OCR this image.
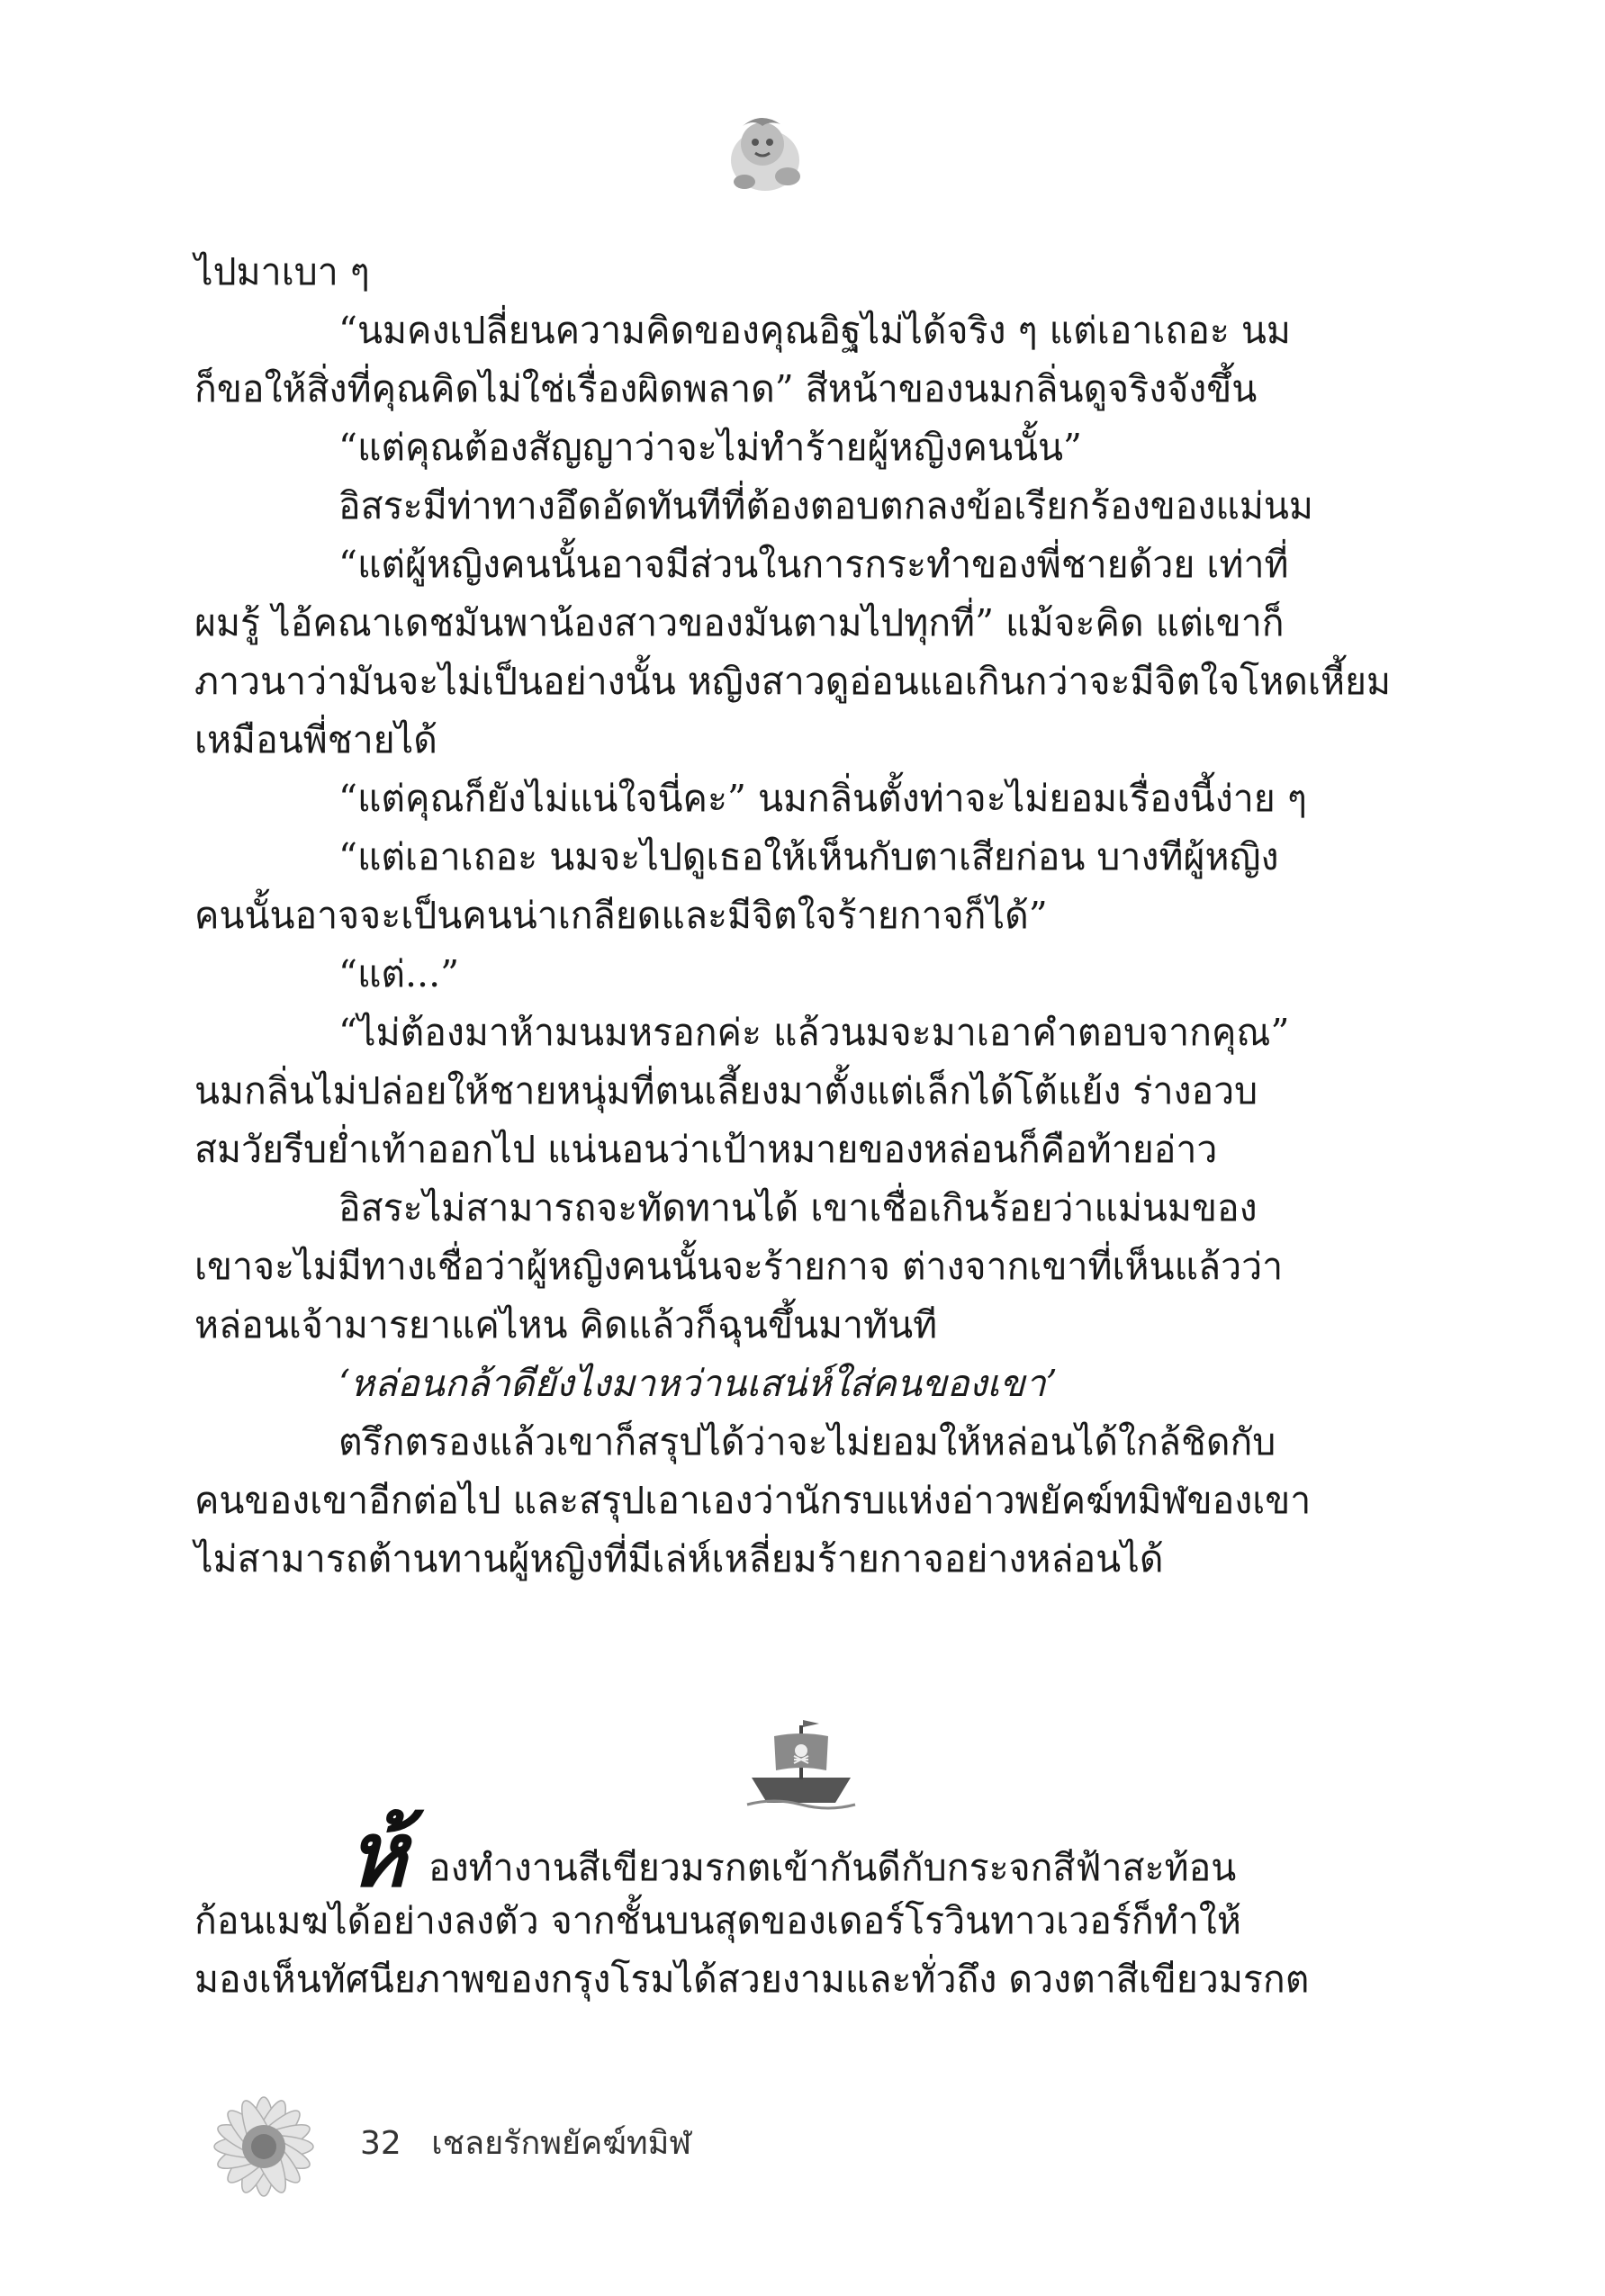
ไปมาเบา ๆ

“นมคงเปลี่ยนความคิดของคุณอิฐไม่ได้จริง ๆ แต่เอาเถอะ นม

ก็ขอให้สิ่งที่คุณคิดไม่ใช่เรื่องผิดพลาด” สีหน้าของนมกลิ่นดูจริงจังขึ้น

“แต่คุณต้องสัญญาว่าจะไม่ทำร้ายผู้หญิงคนนั้น”

อิสระมีท่าทางอึดอัดทันทีที่ต้องตอบตกลงข้อเรียกร้องของแม่นม

“แต่ผู้หญิงคนนั้นอาจมีส่วนในการกระทำของพี่ชายด้วย เท่าที่

ผมรู้ ไอ้คณาเดชมันพาน้องสาวของมันตามไปทุกที่” แม้จะคิด แต่เขาก็

ภาวนาว่ามันจะไม่เป็นอย่างนั้น หญิงสาวดูอ่อนแอเกินกว่าจะมีจิตใจโหดเหี้ยม

เหมือนพี่ชายได้

“แต่คุณก็ยังไม่แน่ใจนี่คะ” นมกลิ่นตั้งท่าจะไม่ยอมเรื่องนี้ง่าย ๆ

“แต่เอาเถอะ นมจะไปดูเธอให้เห็นกับตาเสียก่อน บางทีผู้หญิง

คนนั้นอาจจะเป็นคนน่าเกลียดและมีจิตใจร้ายกาจก็ได้”

“แต่...”

“ไม่ต้องมาห้ามนมหรอกค่ะ แล้วนมจะมาเอาคำตอบจากคุณ”

นมกลิ่นไม่ปล่อยให้ชายหนุ่มที่ตนเลี้ยงมาตั้งแต่เล็กได้โต้แย้ง ร่างอวบ

สมวัยรีบย่ำเท้าออกไป แน่นอนว่าเป้าหมายของหล่อนก็คือท้ายอ่าว

อิสระไม่สามารถจะทัดทานได้ เขาเชื่อเกินร้อยว่าแม่นมของ

เขาจะไม่มีทางเชื่อว่าผู้หญิงคนนั้นจะร้ายกาจ ต่างจากเขาที่เห็นแล้วว่า

หล่อนเจ้ามารยาแค่ไหน คิดแล้วก็ฉุนขึ้นมาทันที

‘หล่อนกล้าดียังไงมาหว่านเสน่ห์ใส่คนของเขา’

ตรึกตรองแล้วเขาก็สรุปได้ว่าจะไม่ยอมให้หล่อนได้ใกล้ชิดกับ

คนของเขาอีกต่อไป และสรุปเอาเองว่านักรบแห่งอ่าวพยัคฆ์ทมิฬของเขา

ไม่สามารถต้านทานผู้หญิงที่มีเล่ห์เหลี่ยมร้ายกาจอย่างหล่อนได้

ห้ องทำงานสีเขียวมรกตเข้ากันดีกับกระจกสีฟ้าสะท้อน

ก้อนเมฆได้อย่างลงตัว จากชั้นบนสุดของเดอร์โรวินทาวเวอร์ก็ทำให้

มองเห็นทัศนียภาพของกรุงโรมได้สวยงามและทั่วถึง ดวงตาสีเขียวมรกต

32 เชลยรักพยัคฆ์ทมิฬ
